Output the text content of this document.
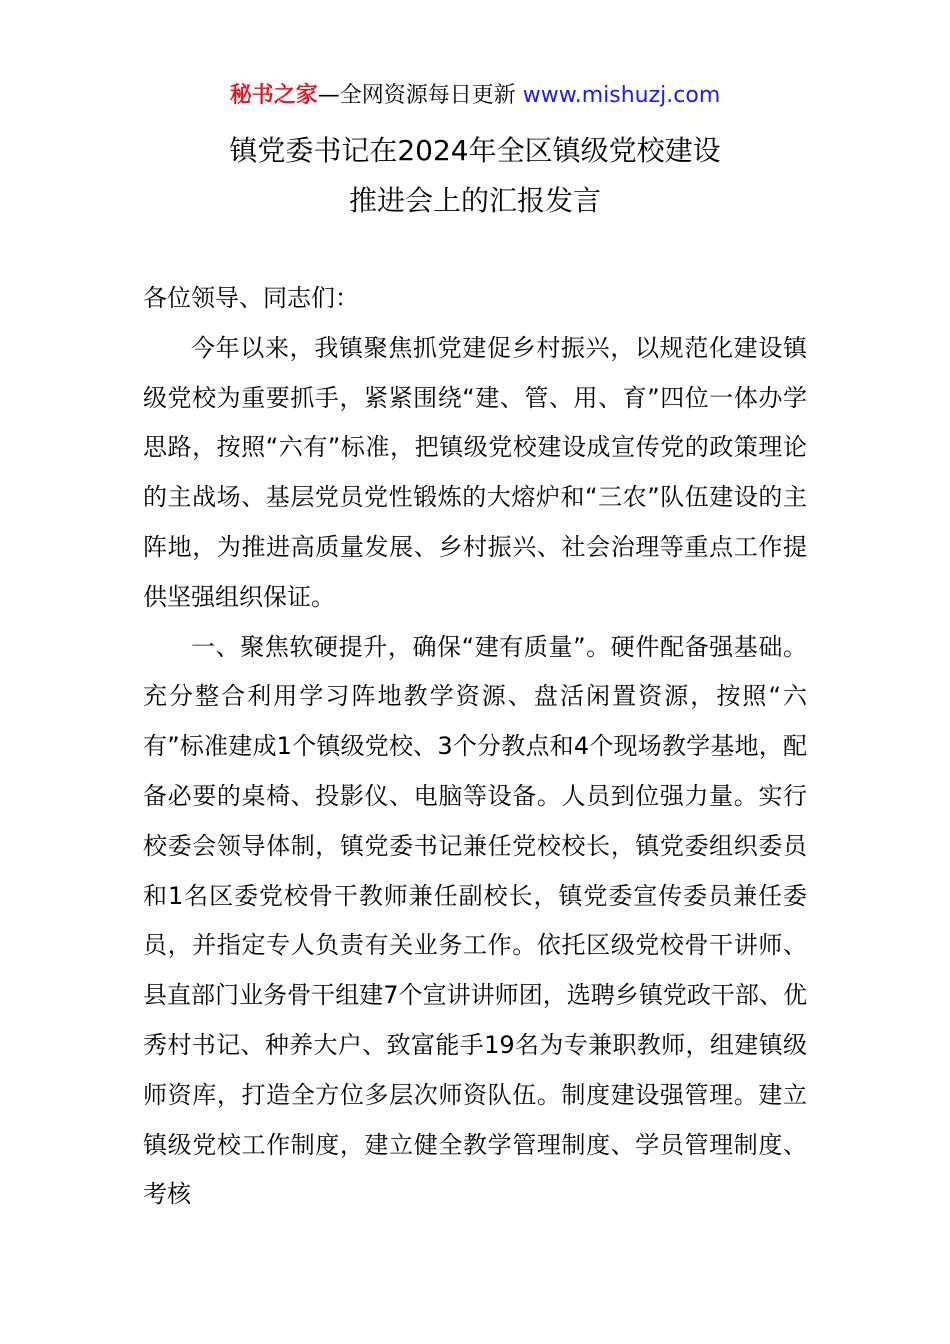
秘书之家—全网资源每日更新 www.mishuzj.com
镇党委书记在2024年全区镇级党校建设
推进会上的汇报发言

各位领导、同志们：

今年以来，我镇聚焦抓党建促乡村振兴，以规范化建设镇级党校为重要抓手，紧紧围绕“建、管、用、育”四位一体办学思路，按照“六有”标准，把镇级党校建设成宣传党的政策理论的主战场、基层党员党性锻炼的大熔炉和“三农”队伍建设的主阵地，为推进高质量发展、乡村振兴、社会治理等重点工作提供坚强组织保证。

一、聚焦软硬提升，确保“建有质量”。硬件配备强基础。充分整合利用学习阵地教学资源、盘活闲置资源，按照“六有”标准建成1个镇级党校、3个分教点和4个现场教学基地，配备必要的桌椅、投影仪、电脑等设备。人员到位强力量。实行校委会领导体制，镇党委书记兼任党校校长，镇党委组织委员和1名区委党校骨干教师兼任副校长，镇党委宣传委员兼任委员，并指定专人负责有关业务工作。依托区级党校骨干讲师、县直部门业务骨干组建7个宣讲讲师团，选聘乡镇党政干部、优秀村书记、种养大户、致富能手19名为专兼职教师，组建镇级师资库，打造全方位多层次师资队伍。制度建设强管理。建立镇级党校工作制度，建立健全教学管理制度、学员管理制度、考核
